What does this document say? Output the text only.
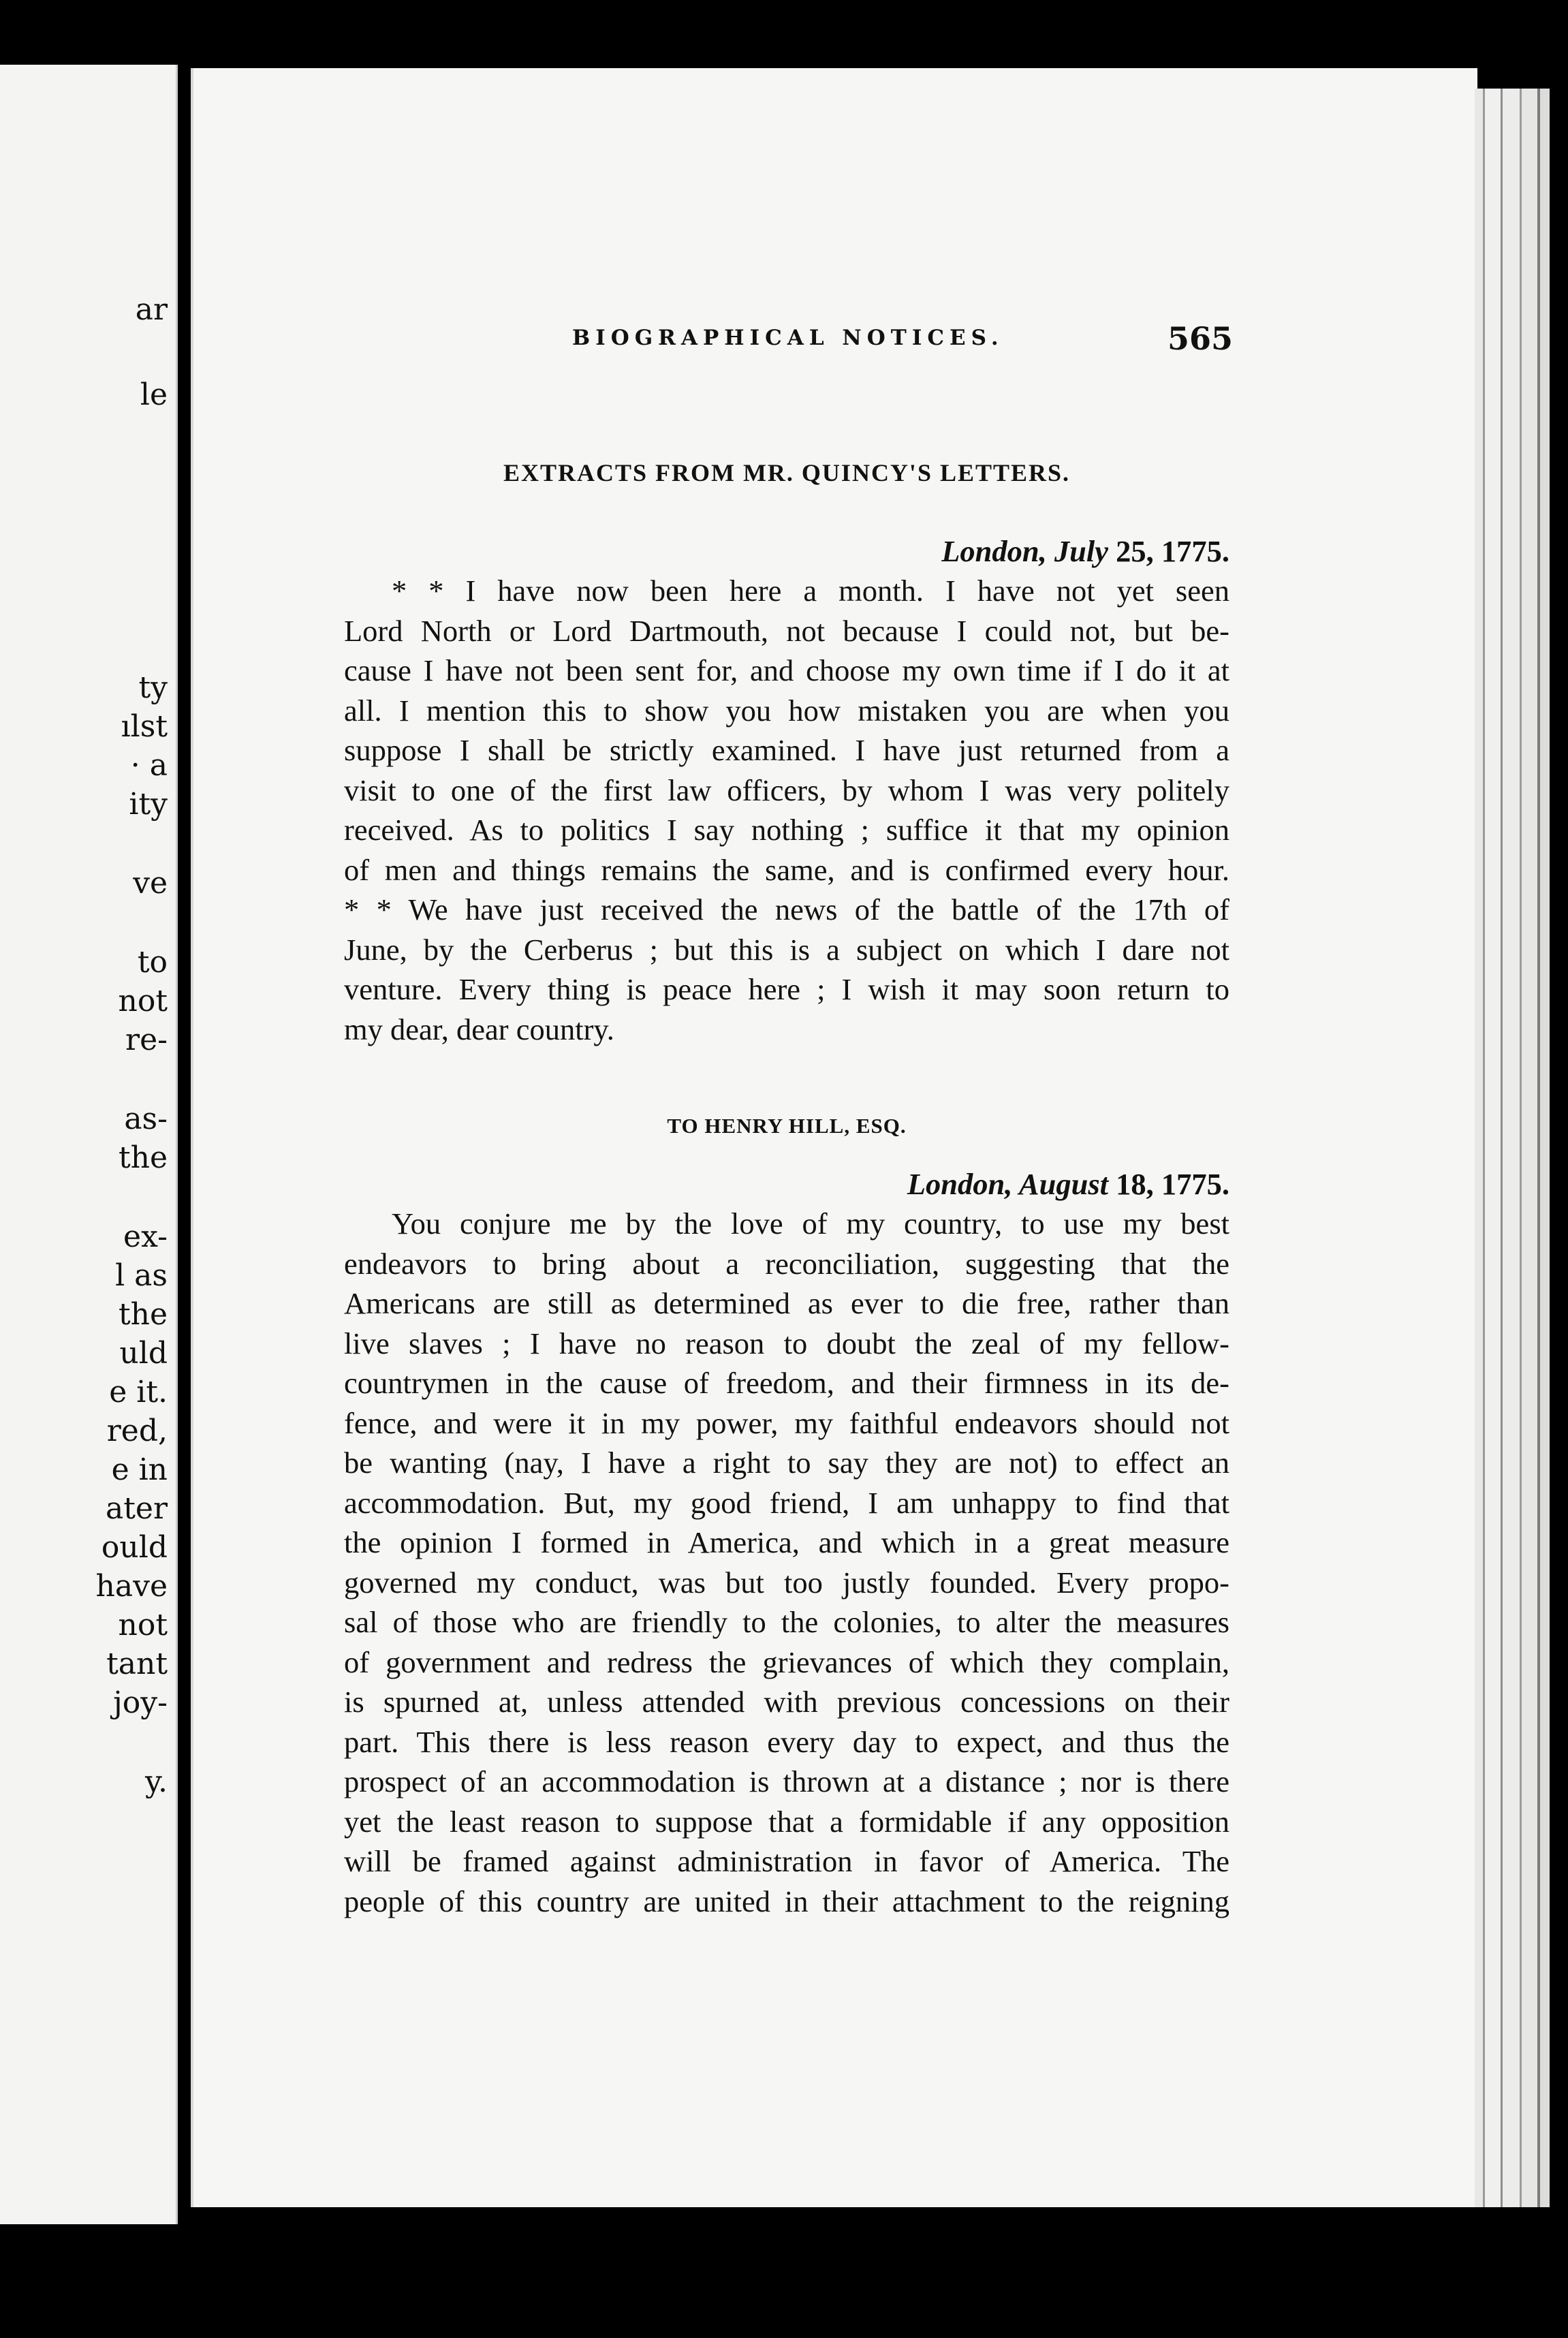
ar
le
ty
ılst
· a
ity
ve
to
not
re-
as-
the
ex-
l as
the
uld
e it.
red,
e in
ater
ould
have
not
tant
joy-
y.
BIOGRAPHICAL NOTICES.	565
EXTRACTS FROM MR. QUINCY'S LETTERS.
London, July 25, 1775.

* * I have now been here a month. I have not yet seen

Lord North or Lord Dartmouth, not because I could not, but be-

cause I have not been sent for, and choose my own time if I do it at

all. I mention this to show you how mistaken you are when you

suppose I shall be strictly examined. I have just returned from a

visit to one of the first law officers, by whom I was very politely

received. As to politics I say nothing ; suffice it that my opinion

of men and things remains the same, and is confirmed every hour.

* * We have just received the news of the battle of the 17th of

June, by the Cerberus ; but this is a subject on which I dare not

venture. Every thing is peace here ; I wish it may soon return to

my dear, dear country.

TO HENRY HILL, ESQ.
London, August 18, 1775.

You conjure me by the love of my country, to use my best

endeavors to bring about a reconciliation, suggesting that the

Americans are still as determined as ever to die free, rather than

live slaves ; I have no reason to doubt the zeal of my fellow-

countrymen in the cause of freedom, and their firmness in its de-

fence, and were it in my power, my faithful endeavors should not

be wanting (nay, I have a right to say they are not) to effect an

accommodation. But, my good friend, I am unhappy to find that

the opinion I formed in America, and which in a great measure

governed my conduct, was but too justly founded. Every propo-

sal of those who are friendly to the colonies, to alter the measures

of government and redress the grievances of which they complain,

is spurned at, unless attended with previous concessions on their

part. This there is less reason every day to expect, and thus the

prospect of an accommodation is thrown at a distance ; nor is there

yet the least reason to suppose that a formidable if any opposition

will be framed against administration in favor of America. The

people of this country are united in their attachment to the reigning
